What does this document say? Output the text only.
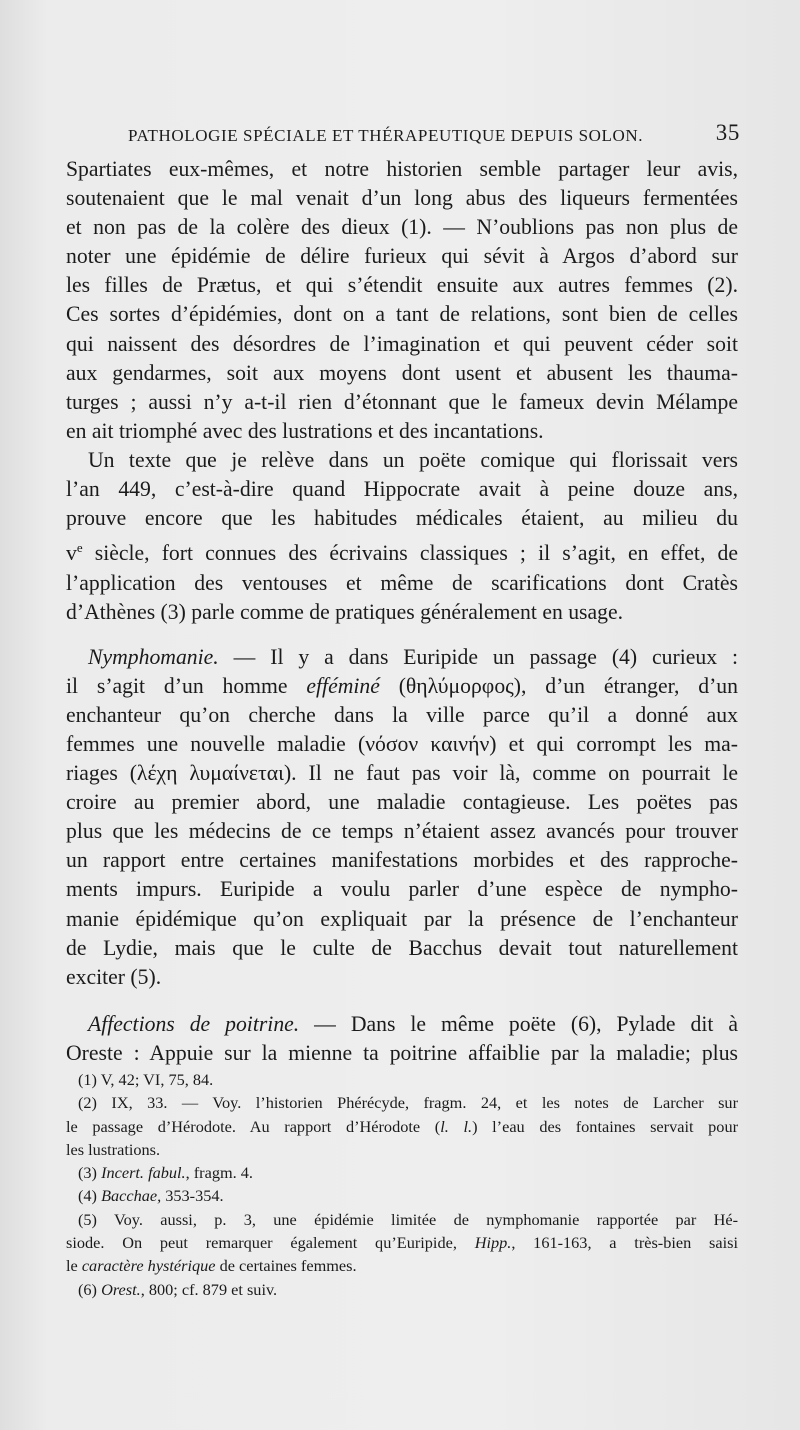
PATHOLOGIE SPÉCIALE ET THÉRAPEUTIQUE DEPUIS SOLON.	35
Spartiates eux-mêmes, et notre historien semble partager leur avis,
soutenaient que le mal venait d’un long abus des liqueurs fermentées
et non pas de la colère des dieux (1). — N’oublions pas non plus de
noter une épidémie de délire furieux qui sévit à Argos d’abord sur
les filles de Prætus, et qui s’étendit ensuite aux autres femmes (2).
Ces sortes d’épidémies, dont on a tant de relations, sont bien de celles
qui naissent des désordres de l’imagination et qui peuvent céder soit
aux gendarmes, soit aux moyens dont usent et abusent les thauma-
turges ; aussi n’y a-t-il rien d’étonnant que le fameux devin Mélampe
en ait triomphé avec des lustrations et des incantations.
Un texte que je relève dans un poëte comique qui florissait vers
l’an 449, c’est-à-dire quand Hippocrate avait à peine douze ans,
prouve encore que les habitudes médicales étaient, au milieu du
$v^e$ siècle, fort connues des écrivains classiques ; il s’agit, en effet, de
l’application des ventouses et même de scarifications dont Cratès
d’Athènes (3) parle comme de pratiques généralement en usage.
Nymphomanie. — Il y a dans Euripide un passage (4) curieux :
il s’agit d’un homme efféminé (θηλύμορφος), d’un étranger, d’un
enchanteur qu’on cherche dans la ville parce qu’il a donné aux
femmes une nouvelle maladie (νόσον καινήν) et qui corrompt les ma-
riages (λέχη λυμαίνεται). Il ne faut pas voir là, comme on pourrait le
croire au premier abord, une maladie contagieuse. Les poëtes pas
plus que les médecins de ce temps n’étaient assez avancés pour trouver
un rapport entre certaines manifestations morbides et des rapproche-
ments impurs. Euripide a voulu parler d’une espèce de nympho-
manie épidémique qu’on expliquait par la présence de l’enchanteur
de Lydie, mais que le culte de Bacchus devait tout naturellement
exciter (5).
Affections de poitrine. — Dans le même poëte (6), Pylade dit à
Oreste : Appuie sur la mienne ta poitrine affaiblie par la maladie; plus
(1) V, 42; VI, 75, 84.
(2) IX, 33. — Voy. l’historien Phérécyde, fragm. 24, et les notes de Larcher sur
le passage d’Hérodote. Au rapport d’Hérodote (l. l.) l’eau des fontaines servait pour
les lustrations.
(3) Incert. fabul., fragm. 4.
(4) Bacchae, 353-354.
(5) Voy. aussi, p. 3, une épidémie limitée de nymphomanie rapportée par Hé-
siode. On peut remarquer également qu’Euripide, Hipp., 161-163, a très-bien saisi
le caractère hystérique de certaines femmes.
(6) Orest., 800; cf. 879 et suiv.
